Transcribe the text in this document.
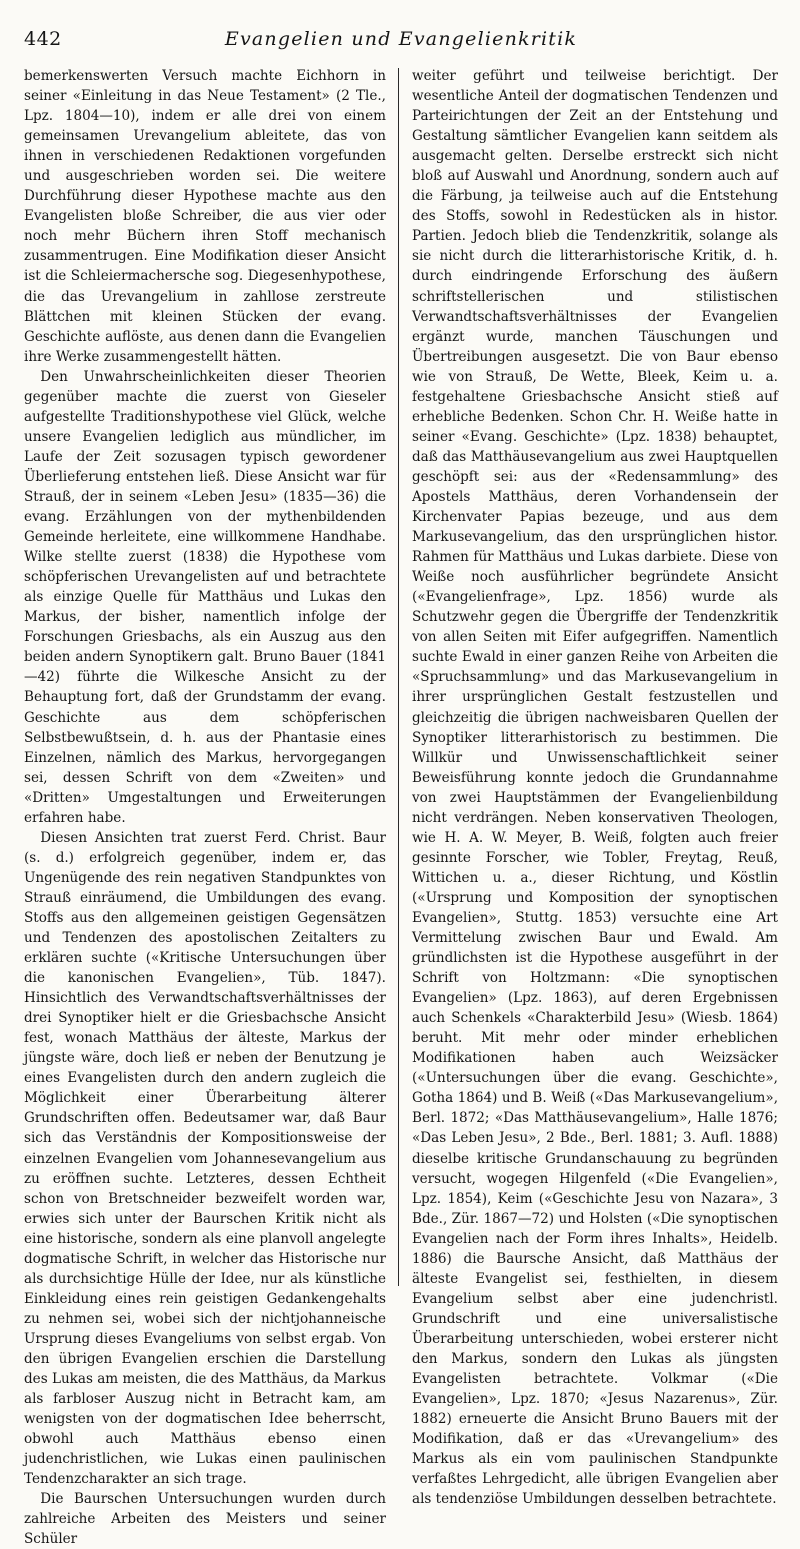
442	Evangelien und Evangelienkritik

bemerkenswerten Versuch machte Eichhorn in seiner «Einleitung in das Neue Testament» (2 Tle., Lpz. 1804—10), indem er alle drei von einem gemeinsamen Urevangelium ableitete, das von ihnen in verschiedenen Redaktionen vorgefunden und ausgeschrieben worden sei. Die weitere Durchführung dieser Hypothese machte aus den Evangelisten bloße Schreiber, die aus vier oder noch mehr Büchern ihren Stoff mechanisch zusammentrugen. Eine Modifikation dieser Ansicht ist die Schleiermachersche sog. Diegesenhypothese, die das Urevangelium in zahllose zerstreute Blättchen mit kleinen Stücken der evang. Geschichte auflöste, aus denen dann die Evangelien ihre Werke zusammengestellt hätten.

Den Unwahrscheinlichkeiten dieser Theorien gegenüber machte die zuerst von Gieseler aufgestellte Traditionshypothese viel Glück, welche unsere Evangelien lediglich aus mündlicher, im Laufe der Zeit sozusagen typisch gewordener Überlieferung entstehen ließ. Diese Ansicht war für Strauß, der in seinem «Leben Jesu» (1835—36) die evang. Erzählungen von der mythenbildenden Gemeinde herleitete, eine willkommene Handhabe. Wilke stellte zuerst (1838) die Hypothese vom schöpferischen Urevangelisten auf und betrachtete als einzige Quelle für Matthäus und Lukas den Markus, der bisher, namentlich infolge der Forschungen Griesbachs, als ein Auszug aus den beiden andern Synoptikern galt. Bruno Bauer (1841—42) führte die Wilkesche Ansicht zu der Behauptung fort, daß der Grundstamm der evang. Geschichte aus dem schöpferischen Selbstbewußtsein, d. h. aus der Phantasie eines Einzelnen, nämlich des Markus, hervorgegangen sei, dessen Schrift von dem «Zweiten» und «Dritten» Umgestaltungen und Erweiterungen erfahren habe.

Diesen Ansichten trat zuerst Ferd. Christ. Baur (s. d.) erfolgreich gegenüber, indem er, das Ungenügende des rein negativen Standpunktes von Strauß einräumend, die Umbildungen des evang. Stoffs aus den allgemeinen geistigen Gegensätzen und Tendenzen des apostolischen Zeitalters zu erklären suchte («Kritische Untersuchungen über die kanonischen Evangelien», Tüb. 1847). Hinsichtlich des Verwandtschaftsverhältnisses der drei Synoptiker hielt er die Griesbachsche Ansicht fest, wonach Matthäus der älteste, Markus der jüngste wäre, doch ließ er neben der Benutzung je eines Evangelisten durch den andern zugleich die Möglichkeit einer Überarbeitung älterer Grundschriften offen. Bedeutsamer war, daß Baur sich das Verständnis der Kompositionsweise der einzelnen Evangelien vom Johannesevangelium aus zu eröffnen suchte. Letzteres, dessen Echtheit schon von Bretschneider bezweifelt worden war, erwies sich unter der Baurschen Kritik nicht als eine historische, sondern als eine planvoll angelegte dogmatische Schrift, in welcher das Historische nur als durchsichtige Hülle der Idee, nur als künstliche Einkleidung eines rein geistigen Gedankengehalts zu nehmen sei, wobei sich der nichtjohanneische Ursprung dieses Evangeliums von selbst ergab. Von den übrigen Evangelien erschien die Darstellung des Lukas am meisten, die des Matthäus, da Markus als farbloser Auszug nicht in Betracht kam, am wenigsten von der dogmatischen Idee beherrscht, obwohl auch Matthäus ebenso einen judenchristlichen, wie Lukas einen paulinischen Tendenzcharakter an sich trage.

Die Baurschen Untersuchungen wurden durch zahlreiche Arbeiten des Meisters und seiner Schüler

weiter geführt und teilweise berichtigt. Der wesentliche Anteil der dogmatischen Tendenzen und Parteirichtungen der Zeit an der Entstehung und Gestaltung sämtlicher Evangelien kann seitdem als ausgemacht gelten. Derselbe erstreckt sich nicht bloß auf Auswahl und Anordnung, sondern auch auf die Färbung, ja teilweise auch auf die Entstehung des Stoffs, sowohl in Redestücken als in histor. Partien. Jedoch blieb die Tendenzkritik, solange als sie nicht durch die litterarhistorische Kritik, d. h. durch eindringende Erforschung des äußern schriftstellerischen und stilistischen Verwandtschaftsverhältnisses der Evangelien ergänzt wurde, manchen Täuschungen und Übertreibungen ausgesetzt. Die von Baur ebenso wie von Strauß, De Wette, Bleek, Keim u. a. festgehaltene Griesbachsche Ansicht stieß auf erhebliche Bedenken. Schon Chr. H. Weiße hatte in seiner «Evang. Geschichte» (Lpz. 1838) behauptet, daß das Matthäusevangelium aus zwei Hauptquellen geschöpft sei: aus der «Redensammlung» des Apostels Matthäus, deren Vorhandensein der Kirchenvater Papias bezeuge, und aus dem Markusevangelium, das den ursprünglichen histor. Rahmen für Matthäus und Lukas darbiete. Diese von Weiße noch ausführlicher begründete Ansicht («Evangelienfrage», Lpz. 1856) wurde als Schutzwehr gegen die Übergriffe der Tendenzkritik von allen Seiten mit Eifer aufgegriffen. Namentlich suchte Ewald in einer ganzen Reihe von Arbeiten die «Spruchsammlung» und das Markusevangelium in ihrer ursprünglichen Gestalt festzustellen und gleichzeitig die übrigen nachweisbaren Quellen der Synoptiker litterarhistorisch zu bestimmen. Die Willkür und Unwissenschaftlichkeit seiner Beweisführung konnte jedoch die Grundannahme von zwei Hauptstämmen der Evangelienbildung nicht verdrängen. Neben konservativen Theologen, wie H. A. W. Meyer, B. Weiß, folgten auch freier gesinnte Forscher, wie Tobler, Freytag, Reuß, Wittichen u. a., dieser Richtung, und Köstlin («Ursprung und Komposition der synoptischen Evangelien», Stuttg. 1853) versuchte eine Art Vermittelung zwischen Baur und Ewald. Am gründlichsten ist die Hypothese ausgeführt in der Schrift von Holtzmann: «Die synoptischen Evangelien» (Lpz. 1863), auf deren Ergebnissen auch Schenkels «Charakterbild Jesu» (Wiesb. 1864) beruht. Mit mehr oder minder erheblichen Modifikationen haben auch Weizsäcker («Untersuchungen über die evang. Geschichte», Gotha 1864) und B. Weiß («Das Markusevangelium», Berl. 1872; «Das Matthäusevangelium», Halle 1876; «Das Leben Jesu», 2 Bde., Berl. 1881; 3. Aufl. 1888) dieselbe kritische Grundanschauung zu begründen versucht, wogegen Hilgenfeld («Die Evangelien», Lpz. 1854), Keim («Geschichte Jesu von Nazara», 3 Bde., Zür. 1867—72) und Holsten («Die synoptischen Evangelien nach der Form ihres Inhalts», Heidelb. 1886) die Baursche Ansicht, daß Matthäus der älteste Evangelist sei, festhielten, in diesem Evangelium selbst aber eine judenchristl. Grundschrift und eine universalistische Überarbeitung unterschieden, wobei ersterer nicht den Markus, sondern den Lukas als jüngsten Evangelisten betrachtete. Volkmar («Die Evangelien», Lpz. 1870; «Jesus Nazarenus», Zür. 1882) erneuerte die Ansicht Bruno Bauers mit der Modifikation, daß er das «Urevangelium» des Markus als ein vom paulinischen Standpunkte verfaßtes Lehrgedicht, alle übrigen Evangelien aber als tendenziöse Umbildungen desselben betrachtete.
